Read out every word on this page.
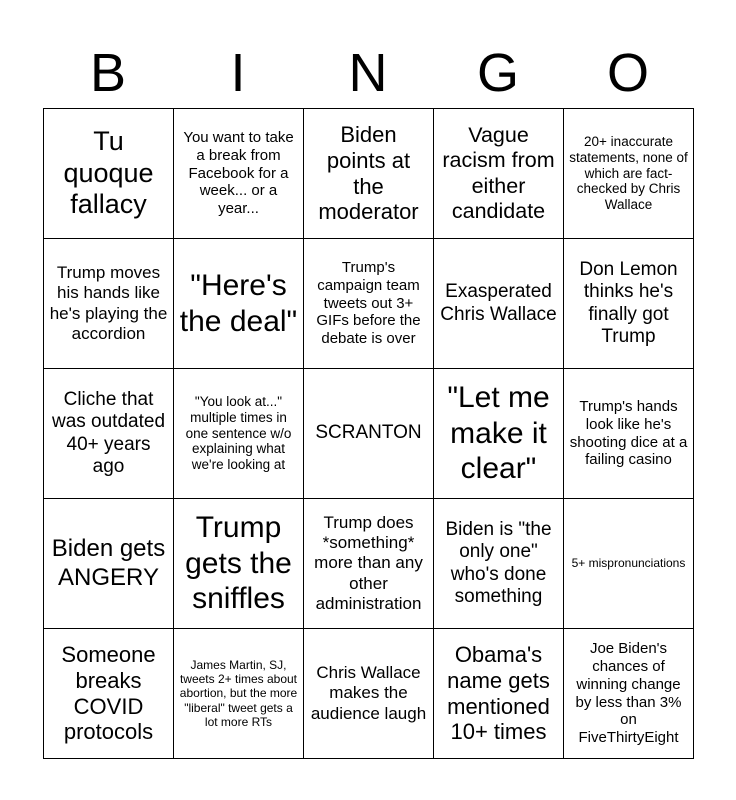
B	I	N	G	O
Tu quoque fallacy	You want to take a break from Facebook for a week... or a year...	Biden points at the moderator	Vague racism from either candidate	20+ inaccurate statements, none of which are fact-checked by Chris Wallace
Trump moves his hands like he's playing the accordion	"Here's the deal"	Trump's campaign team tweets out 3+ GIFs before the debate is over	Exasperated Chris Wallace	Don Lemon thinks he's finally got Trump
Cliche that was outdated 40+ years ago	"You look at..." multiple times in one sentence w/o explaining what we're looking at	SCRANTON	"Let me make it clear"	Trump's hands look like he's shooting dice at a failing casino
Biden gets ANGERY	Trump gets the sniffles	Trump does *something* more than any other administration	Biden is "the only one" who's done something	5+ mispronunciations
Someone breaks COVID protocols	James Martin, SJ, tweets 2+ times about abortion, but the more "liberal" tweet gets a lot more RTs	Chris Wallace makes the audience laugh	Obama's name gets mentioned 10+ times	Joe Biden's chances of winning change by less than 3% on FiveThirtyEight
